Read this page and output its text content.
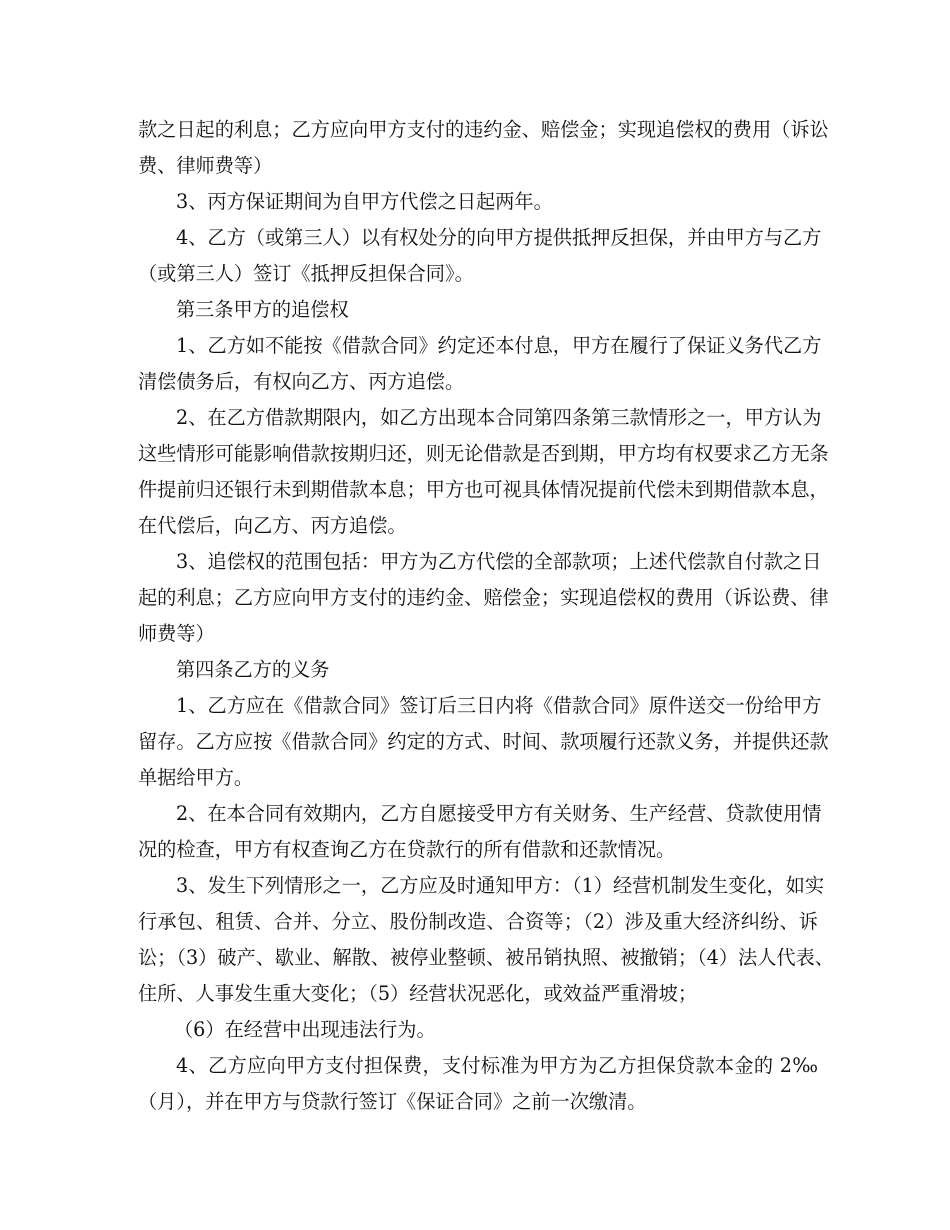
款之日起的利息；乙方应向甲方支付的违约金、赔偿金；实现追偿权的费用（诉讼
费、律师费等）
3、丙方保证期间为自甲方代偿之日起两年。
4、乙方（或第三人）以有权处分的向甲方提供抵押反担保，并由甲方与乙方
（或第三人）签订《抵押反担保合同》。
第三条甲方的追偿权
1、乙方如不能按《借款合同》约定还本付息，甲方在履行了保证义务代乙方
清偿债务后，有权向乙方、丙方追偿。
2、在乙方借款期限内，如乙方出现本合同第四条第三款情形之一，甲方认为
这些情形可能影响借款按期归还，则无论借款是否到期，甲方均有权要求乙方无条
件提前归还银行未到期借款本息；甲方也可视具体情况提前代偿未到期借款本息，
在代偿后，向乙方、丙方追偿。
3、追偿权的范围包括：甲方为乙方代偿的全部款项；上述代偿款自付款之日
起的利息；乙方应向甲方支付的违约金、赔偿金；实现追偿权的费用（诉讼费、律
师费等）
第四条乙方的义务
1、乙方应在《借款合同》签订后三日内将《借款合同》原件送交一份给甲方
留存。乙方应按《借款合同》约定的方式、时间、款项履行还款义务，并提供还款
单据给甲方。
2、在本合同有效期内，乙方自愿接受甲方有关财务、生产经营、贷款使用情
况的检查，甲方有权查询乙方在贷款行的所有借款和还款情况。
3、发生下列情形之一，乙方应及时通知甲方：（1）经营机制发生变化，如实
行承包、租赁、合并、分立、股份制改造、合资等；（2）涉及重大经济纠纷、诉
讼；（3）破产、歇业、解散、被停业整顿、被吊销执照、被撤销；（4）法人代表、
住所、人事发生重大变化；（5）经营状况恶化，或效益严重滑坡；
（6）在经营中出现违法行为。
4、乙方应向甲方支付担保费，支付标准为甲方为乙方担保贷款本金的 2‰
（月），并在甲方与贷款行签订《保证合同》之前一次缴清。
